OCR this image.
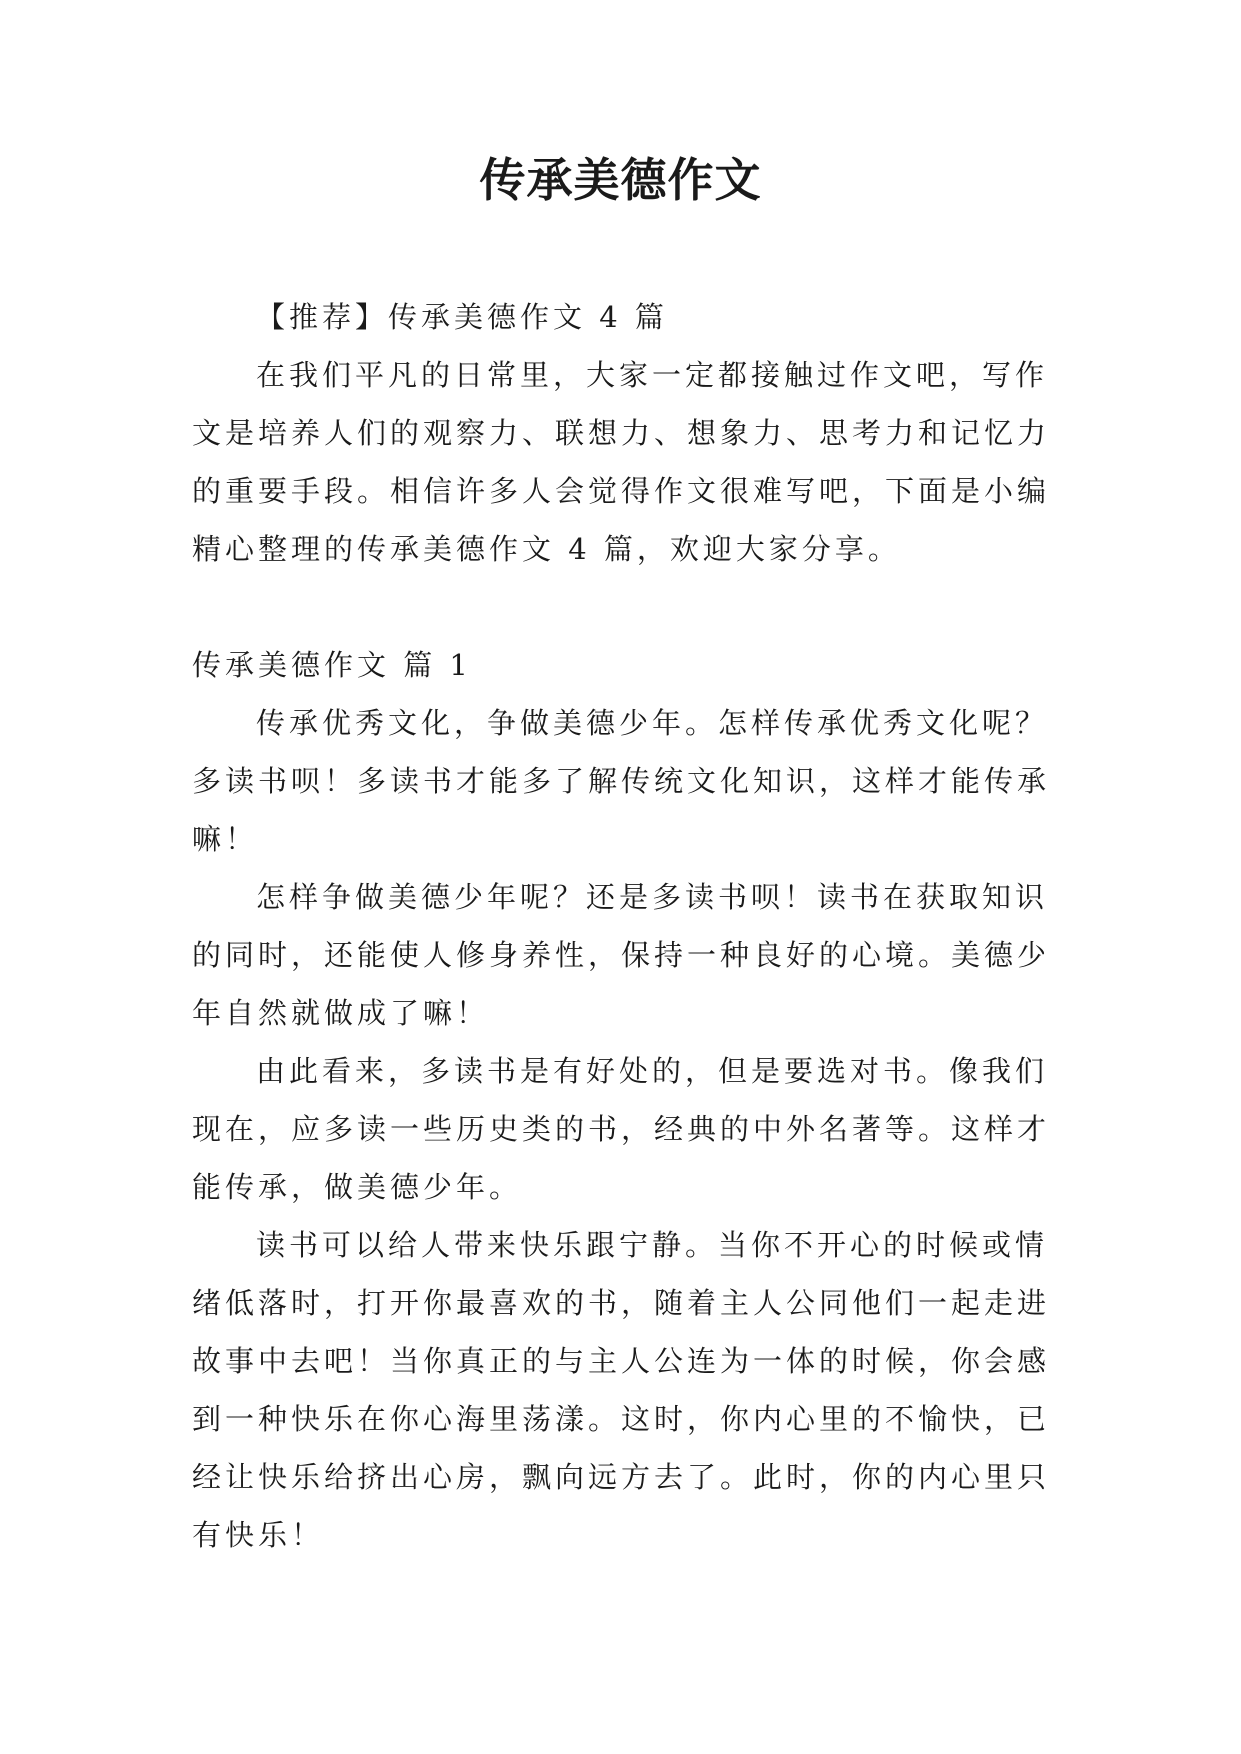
传承美德作文

【推荐】传承美德作文 4 篇

在我们平凡的日常里，大家一定都接触过作文吧，写作文是培养人们的观察力、联想力、想象力、思考力和记忆力的重要手段。相信许多人会觉得作文很难写吧，下面是小编精心整理的传承美德作文 4 篇，欢迎大家分享。

传承美德作文 篇 1

传承优秀文化，争做美德少年。怎样传承优秀文化呢？多读书呗！多读书才能多了解传统文化知识，这样才能传承嘛！

怎样争做美德少年呢？还是多读书呗！读书在获取知识的同时，还能使人修身养性，保持一种良好的心境。美德少年自然就做成了嘛！

由此看来，多读书是有好处的，但是要选对书。像我们现在，应多读一些历史类的书，经典的中外名著等。这样才能传承，做美德少年。

读书可以给人带来快乐跟宁静。当你不开心的时候或情绪低落时，打开你最喜欢的书，随着主人公同他们一起走进故事中去吧！当你真正的与主人公连为一体的时候，你会感到一种快乐在你心海里荡漾。这时，你内心里的不愉快，已经让快乐给挤出心房，飘向远方去了。此时，你的内心里只有快乐！
